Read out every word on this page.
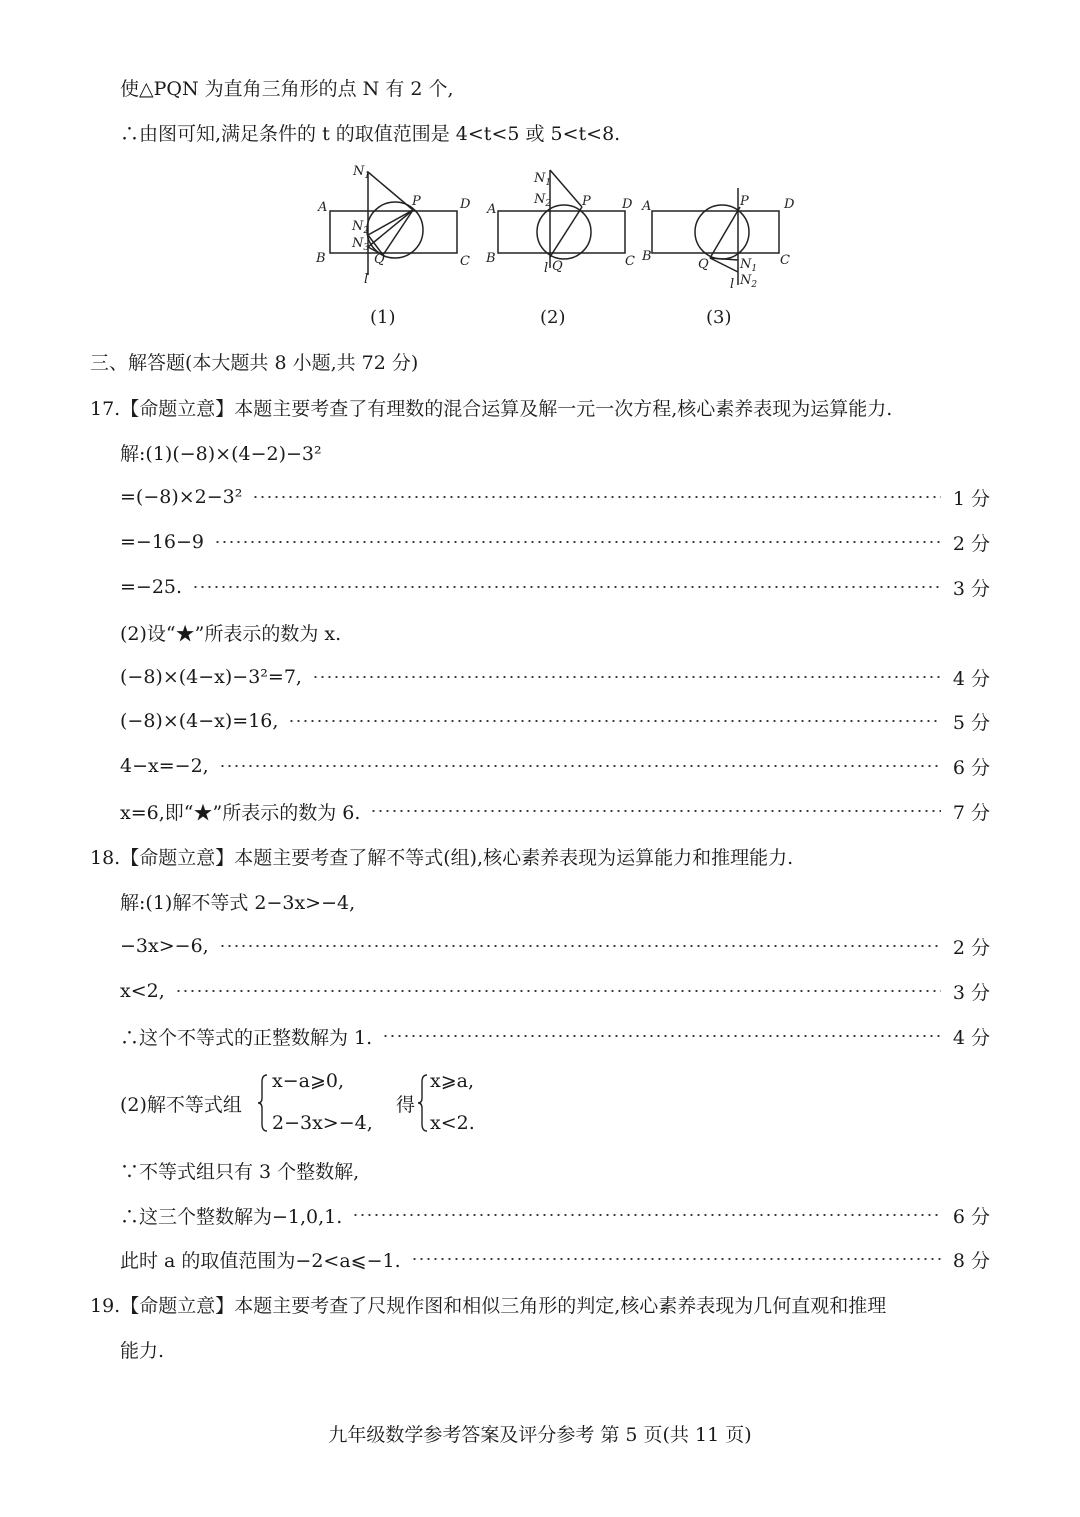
使△PQN 为直角三角形的点 N 有 2 个,
∴由图可知,满足条件的 t 的取值范围是 4<t<5 或 5<t<8.
$N_1$
A	P	D
$N_2$
$N_3$
B	Q	C
l
$N_1$
$N_2$
A
P D
B
Q
l	C
A	P	D
B
Q $N_1$
$N_2$
l
C
(1)	(2)	(3)
三、解答题(本大题共 8 小题,共 72 分)
17.【命题立意】本题主要考查了有理数的混合运算及解一元一次方程,核心素养表现为运算能力.
解:(1)(−8)×(4−2)−3²
=(−8)×2−3²	1 分
=−16−9	2 分
=−25.	3 分
(2)设“★”所表示的数为 x.
(−8)×(4−x)−3²=7,	4 分
(−8)×(4−x)=16,	5 分
4−x=−2,	6 分
x=6,即“★”所表示的数为 6.	7 分
18.【命题立意】本题主要考查了解不等式(组),核心素养表现为运算能力和推理能力.
解:(1)解不等式 2−3x>−4,
−3x>−6,	2 分
x<2,	3 分
∴这个不等式的正整数解为 1.	4 分
(2)解不等式组
x−a⩾0,
2−3x>−4,
得
x⩾a,
x<2.
∵不等式组只有 3 个整数解,
∴这三个整数解为−1,0,1.	6 分
此时 a 的取值范围为−2<a⩽−1.	8 分
19.【命题立意】本题主要考查了尺规作图和相似三角形的判定,核心素养表现为几何直观和推理
能力.
九年级数学参考答案及评分参考 第 5 页(共 11 页)
